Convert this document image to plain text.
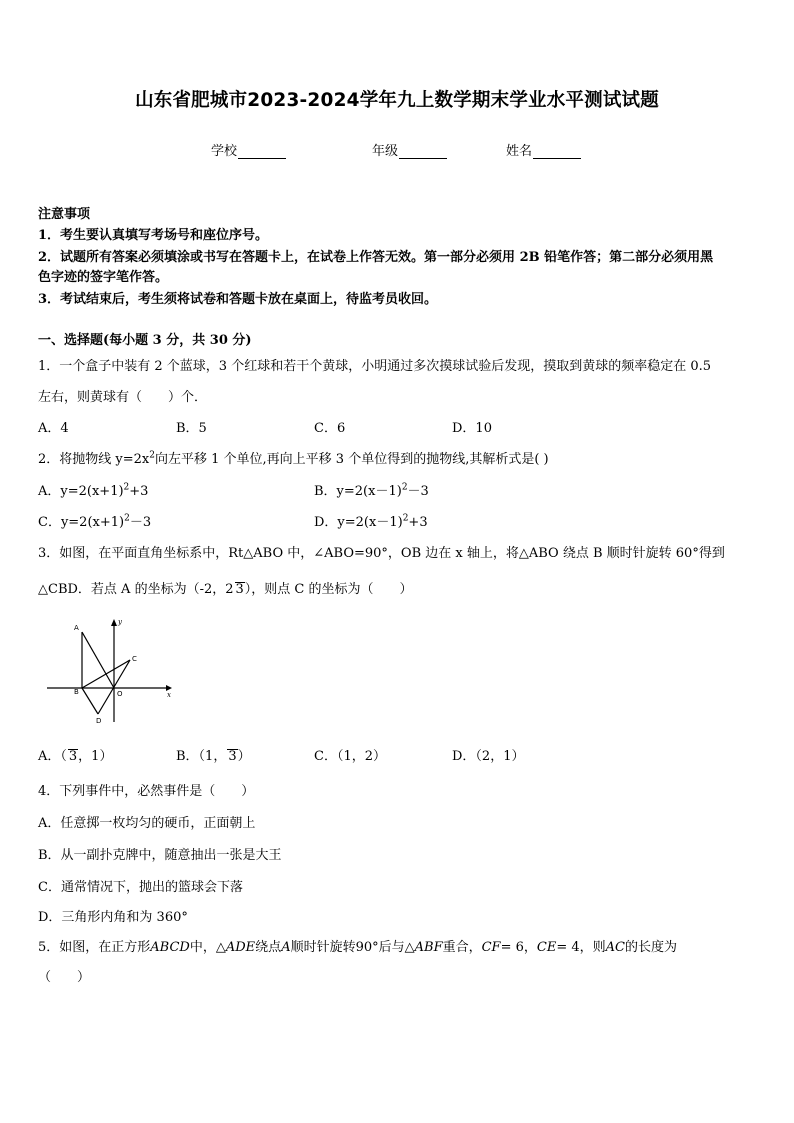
山东省肥城市2023-2024学年九上数学期末学业水平测试试题
学校	年级	姓名
注意事项
1．考生要认真填写考场号和座位序号。
2．试题所有答案必须填涂或书写在答题卡上，在试卷上作答无效。第一部分必须用 2B 铅笔作答；第二部分必须用黑
色字迹的签字笔作答。
3．考试结束后，考生须将试卷和答题卡放在桌面上，待监考员收回。
一、选择题(每小题 3 分，共 30 分)
1．一个盒子中装有 2 个蓝球，3 个红球和若干个黄球，小明通过多次摸球试验后发现，摸取到黄球的频率稳定在 0.5
左右，则黄球有（　　）个．
A．4	B．5	C．6	D．10
2．将抛物线 $y=2x^2$向左平移 1 个单位,再向上平移 3 个单位得到的抛物线,其解析式是( )
A．$y=2(x+1)^2+3$	B．$y=2(x-1)^2-3$
C．$y=2(x+1)^2-3$	D．$y=2(x-1)^2+3$
3．如图，在平面直角坐标系中，Rt△ABO 中，∠ABO=90°，OB 边在 x 轴上，将△ABO 绕点 B 顺时针旋转 60°得到
△CBD．若点 A 的坐标为（-2，2 3），则点 C 的坐标为（　　）
A
B
C
D
O	x
y
A．（ 3，1）	B．（1， 3）	C．（1，2）	D．（2，1）
4．下列事件中，必然事件是（　　）
A．任意掷一枚均匀的硬币，正面朝上
B．从一副扑克牌中，随意抽出一张是大王
C．通常情况下，抛出的篮球会下落
D．三角形内角和为 360°
5．如图，在正方形ABCD中，△ADE绕点A顺时针旋转90°后与△ABF重合，CF= 6，CE= 4，则AC的长度为
（　　）
